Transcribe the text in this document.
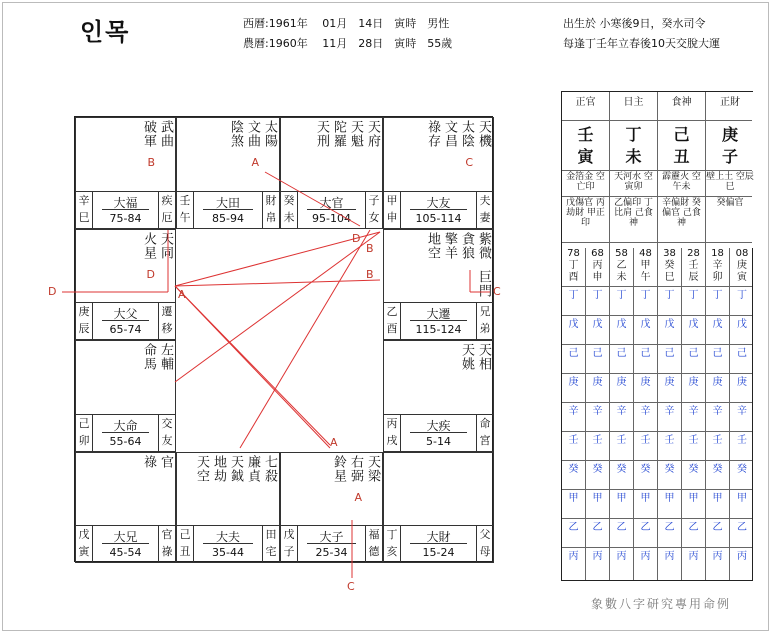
인목	西曆:1961年　 01月　14日　寅時　男性
農曆:1960年　 11月　28日　寅時　55歲
出生於 小寒後9日，癸水司令
每逢丁壬年立春後10天交脫大運
武曲
破軍
B
辛
巳
大福
75-84
疾
厄
太陽
文曲
陰煞
A
壬
午
大田
85-94
財
帛
天府
天魁
陀羅
天刑
癸
未
大官
95-104
子
女
天機
太陰
文昌
祿存
C
甲
申
大友
105-114
夫
妻
天同
火星
D
庚
辰
大父
65-74
遷
移
紫微
貪狼
擎羊
地空
巨門
乙
酉
大遷
115-124
兄
弟
左輔
命馬
己
卯
大命
55-64
交
友
天相
天姚
丙
戌
大疾
5-14
命
宮
官
祿
戊
寅
大兄
45-54
官
祿
七殺
廉貞
天鉞
地劫
天空
己
丑
大夫
35-44
田
宅
天梁
右弼
鈴星
A
戊
子
大子
25-34
福
德
丁
亥
大財
15-24
父
母
D	C
D
B
B
A
A
C
78
丁
酉
丁
戊
己
庚
辛
壬
癸
甲
乙
丙
68
丙
申
丁
戊
己
庚
辛
壬
癸
甲
乙
丙
58
乙
未
丁
戊
己
庚
辛
壬
癸
甲
乙
丙
48
甲
午
丁
戊
己
庚
辛
壬
癸
甲
乙
丙
38
癸
巳
丁
戊
己
庚
辛
壬
癸
甲
乙
丙
28
壬
辰
丁
戊
己
庚
辛
壬
癸
甲
乙
丙
18
辛
卯
丁
戊
己
庚
辛
壬
癸
甲
乙
丙
08
庚
寅
丁
戊
己
庚
辛
壬
癸
甲
乙
丙
正官
壬
寅
金箔金 空亡印
戊傷官 丙劫財 甲正印
日主
丁
未
天河水 空寅卯
乙偏印 丁比肩 己食神
食神
己
丑
霹靂火 空午未
辛偏財 癸偏官 己食神
正財
庚
子
壁上土 空辰巳
癸偏官
象數八字研究專用命例
